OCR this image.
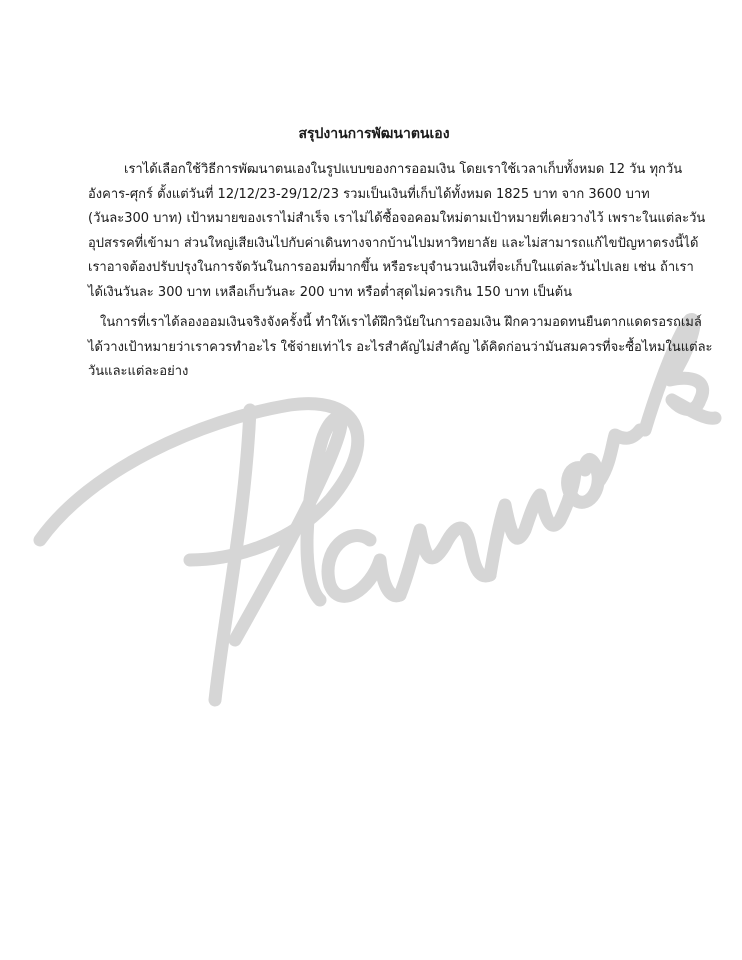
สรุปงานการพัฒนาตนเอง
เราได้เลือกใช้วิธีการพัฒนาตนเองในรูปแบบของการออมเงิน โดยเราใช้เวลาเก็บทั้งหมด 12 วัน ทุกวัน
อังคาร-ศุกร์ ตั้งแต่วันที่ 12/12/23-29/12/23 รวมเป็นเงินที่เก็บได้ทั้งหมด 1825 บาท จาก 3600 บาท
(วันละ300 บาท) เป้าหมายของเราไม่สำเร็จ เราไม่ได้ซื้อจอคอมใหม่ตามเป้าหมายที่เคยวางไว้ เพราะในแต่ละวัน
อุปสรรคที่เข้ามา ส่วนใหญ่เสียเงินไปกับค่าเดินทางจากบ้านไปมหาวิทยาลัย และไม่สามารถแก้ไขปัญหาตรงนี้ได้
เราอาจต้องปรับปรุงในการจัดวันในการออมที่มากขึ้น หรือระบุจำนวนเงินที่จะเก็บในแต่ละวันไปเลย เช่น ถ้าเรา
ได้เงินวันละ 300 บาท เหลือเก็บวันละ 200 บาท หรือต่ำสุดไม่ควรเกิน 150 บาท เป็นต้น
ในการที่เราได้ลองออมเงินจริงจังครั้งนี้ ทำให้เราได้ฝึกวินัยในการออมเงิน ฝึกความอดทนยืนตากแดดรอรถเมล์
ได้วางเป้าหมายว่าเราควรทำอะไร ใช้จ่ายเท่าไร อะไรสำคัญไม่สำคัญ ได้คิดก่อนว่ามันสมควรที่จะซื้อไหมในแต่ละ
วันและแต่ละอย่าง
